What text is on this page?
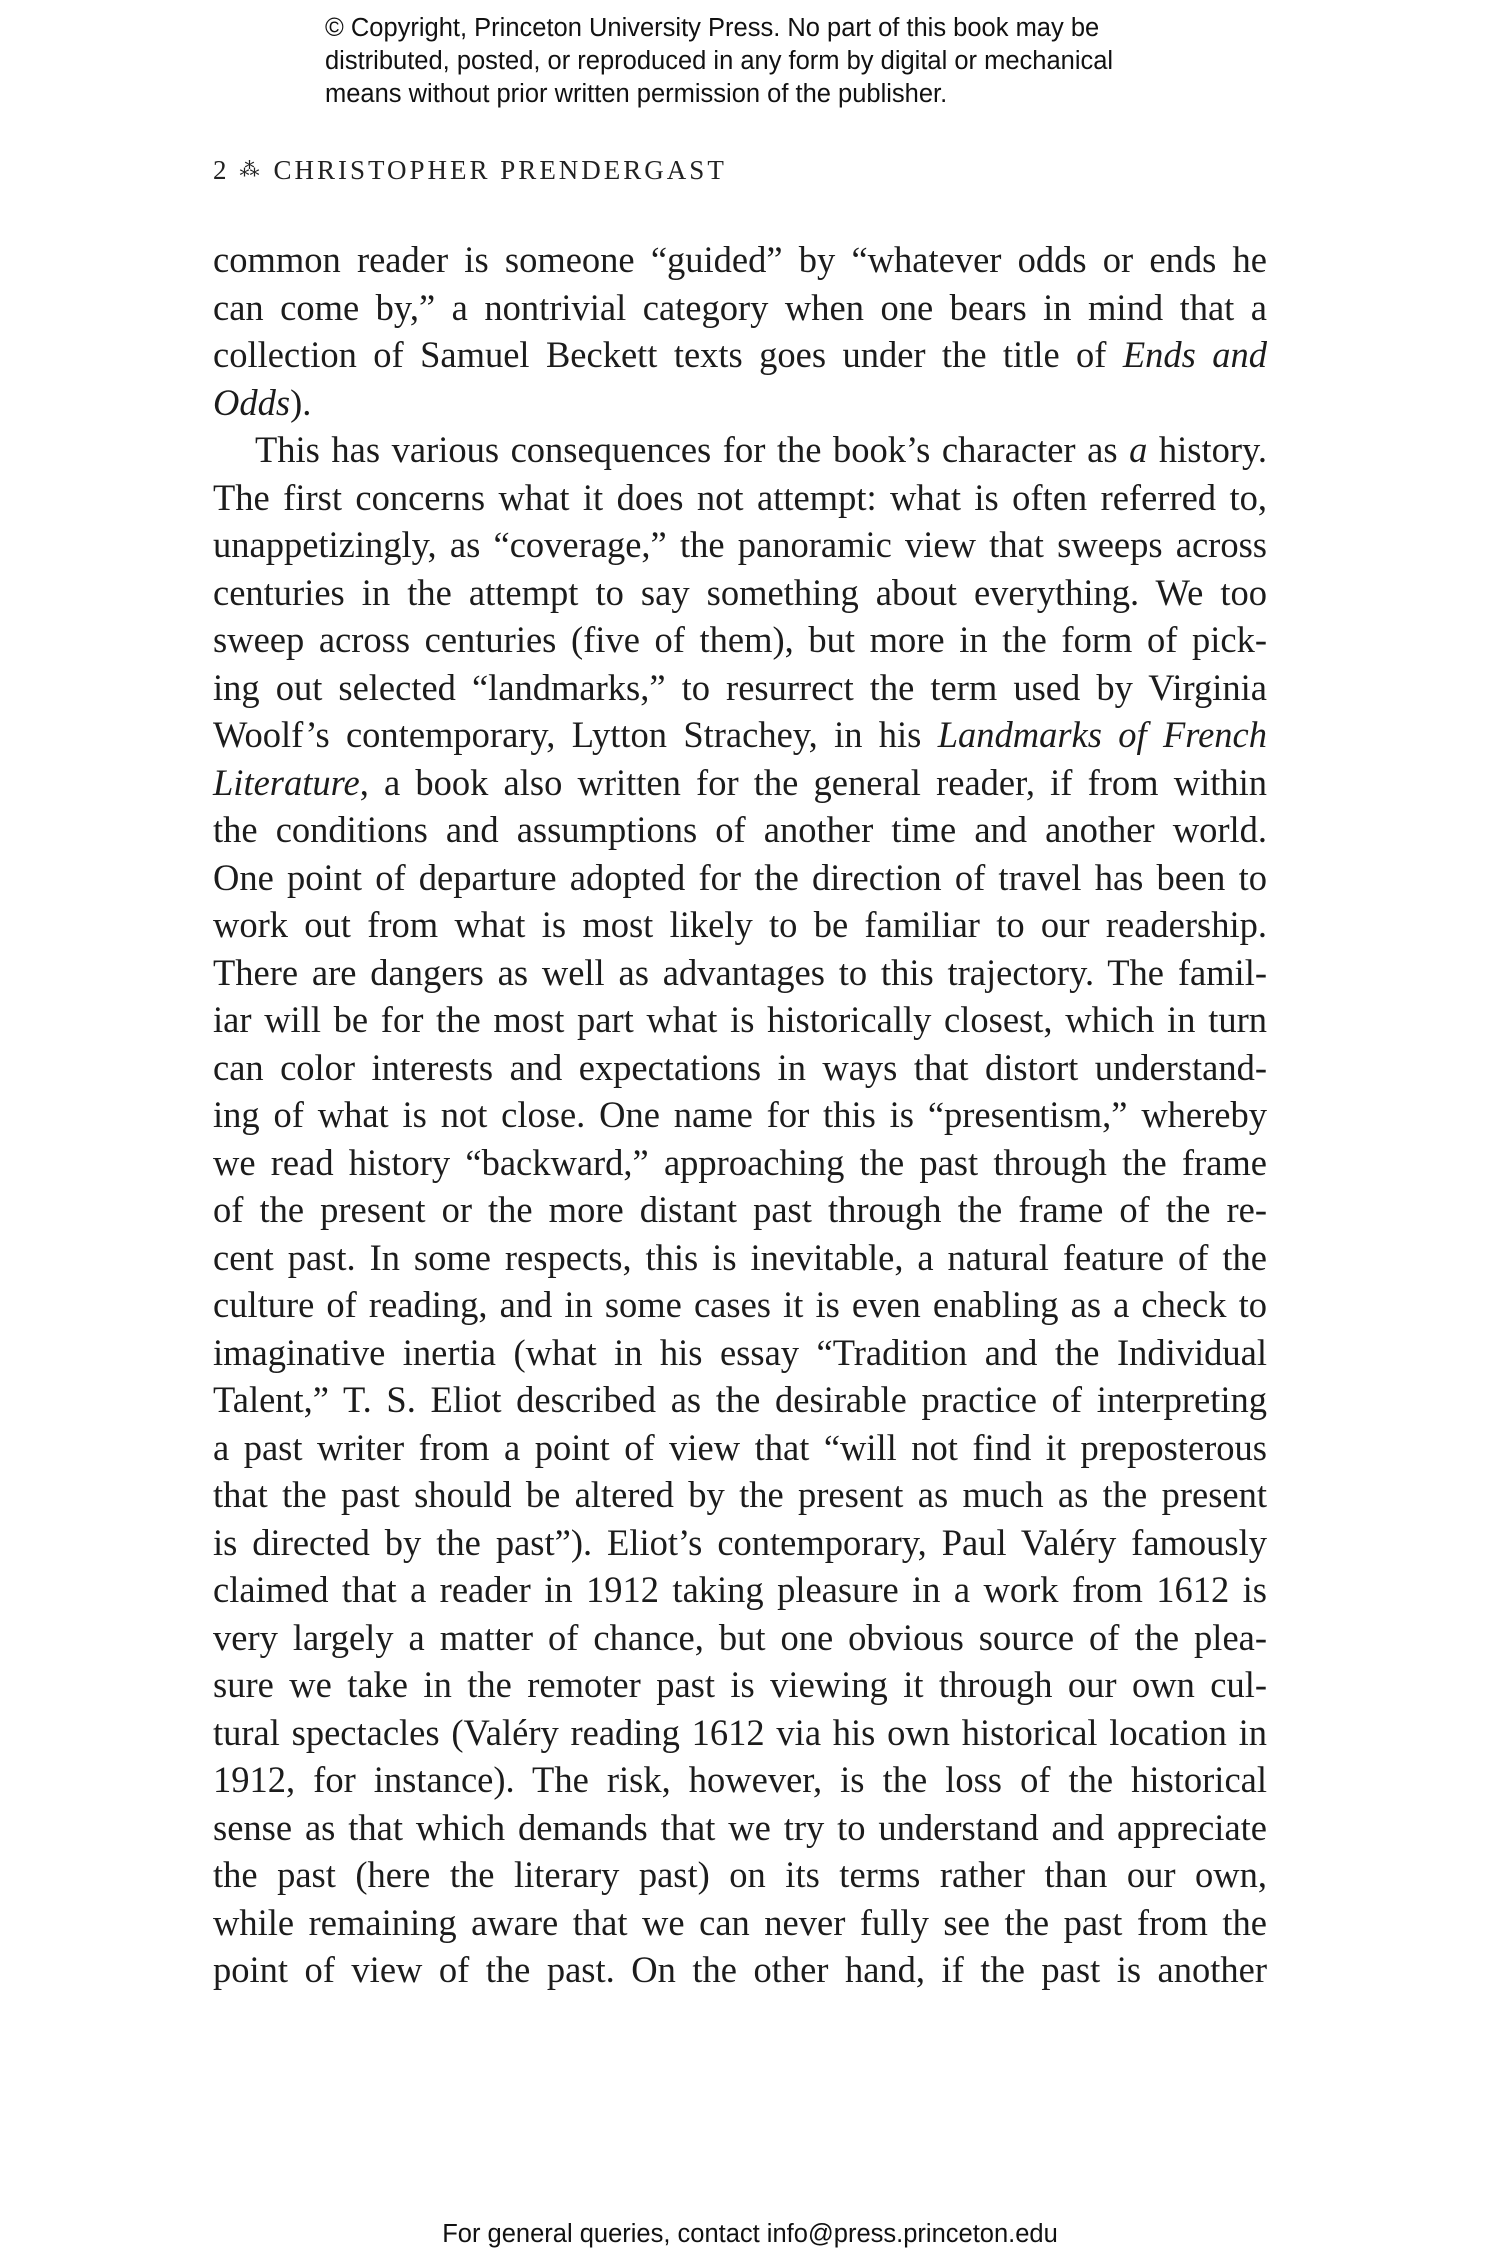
© Copyright, Princeton University Press. No part of this book may be
distributed, posted, or reproduced in any form by digital or mechanical
means without prior written permission of the publisher.
2 ⁂ CHRISTOPHER PRENDERGAST
common reader is someone “guided” by “whatever odds or ends he
can come by,” a nontrivial category when one bears in mind that a
collection of Samuel Beckett texts goes under the title of Ends and
Odds).
This has various consequences for the book’s character as a history.
The first concerns what it does not attempt: what is often referred to,
unappetizingly, as “coverage,” the panoramic view that sweeps across
centuries in the attempt to say something about everything. We too
sweep across centuries (five of them), but more in the form of pick-
ing out selected “landmarks,” to resurrect the term used by Virginia
Woolf’s contemporary, Lytton Strachey, in his Landmarks of French
Literature, a book also written for the general reader, if from within
the conditions and assumptions of another time and another world.
One point of departure adopted for the direction of travel has been to
work out from what is most likely to be familiar to our readership.
There are dangers as well as advantages to this trajectory. The famil-
iar will be for the most part what is historically closest, which in turn
can color interests and expectations in ways that distort understand-
ing of what is not close. One name for this is “presentism,” whereby
we read history “backward,” approaching the past through the frame
of the present or the more distant past through the frame of the re-
cent past. In some respects, this is inevitable, a natural feature of the
culture of reading, and in some cases it is even enabling as a check to
imaginative inertia (what in his essay “Tradition and the Individual
Talent,” T. S. Eliot described as the desirable practice of interpreting
a past writer from a point of view that “will not find it preposterous
that the past should be altered by the present as much as the present
is directed by the past”). Eliot’s contemporary, Paul Valéry famously
claimed that a reader in 1912 taking pleasure in a work from 1612 is
very largely a matter of chance, but one obvious source of the plea-
sure we take in the remoter past is viewing it through our own cul-
tural spectacles (Valéry reading 1612 via his own historical location in
1912, for instance). The risk, however, is the loss of the historical
sense as that which demands that we try to understand and appreciate
the past (here the literary past) on its terms rather than our own,
while remaining aware that we can never fully see the past from the
point of view of the past. On the other hand, if the past is another
For general queries, contact info@press.princeton.edu
